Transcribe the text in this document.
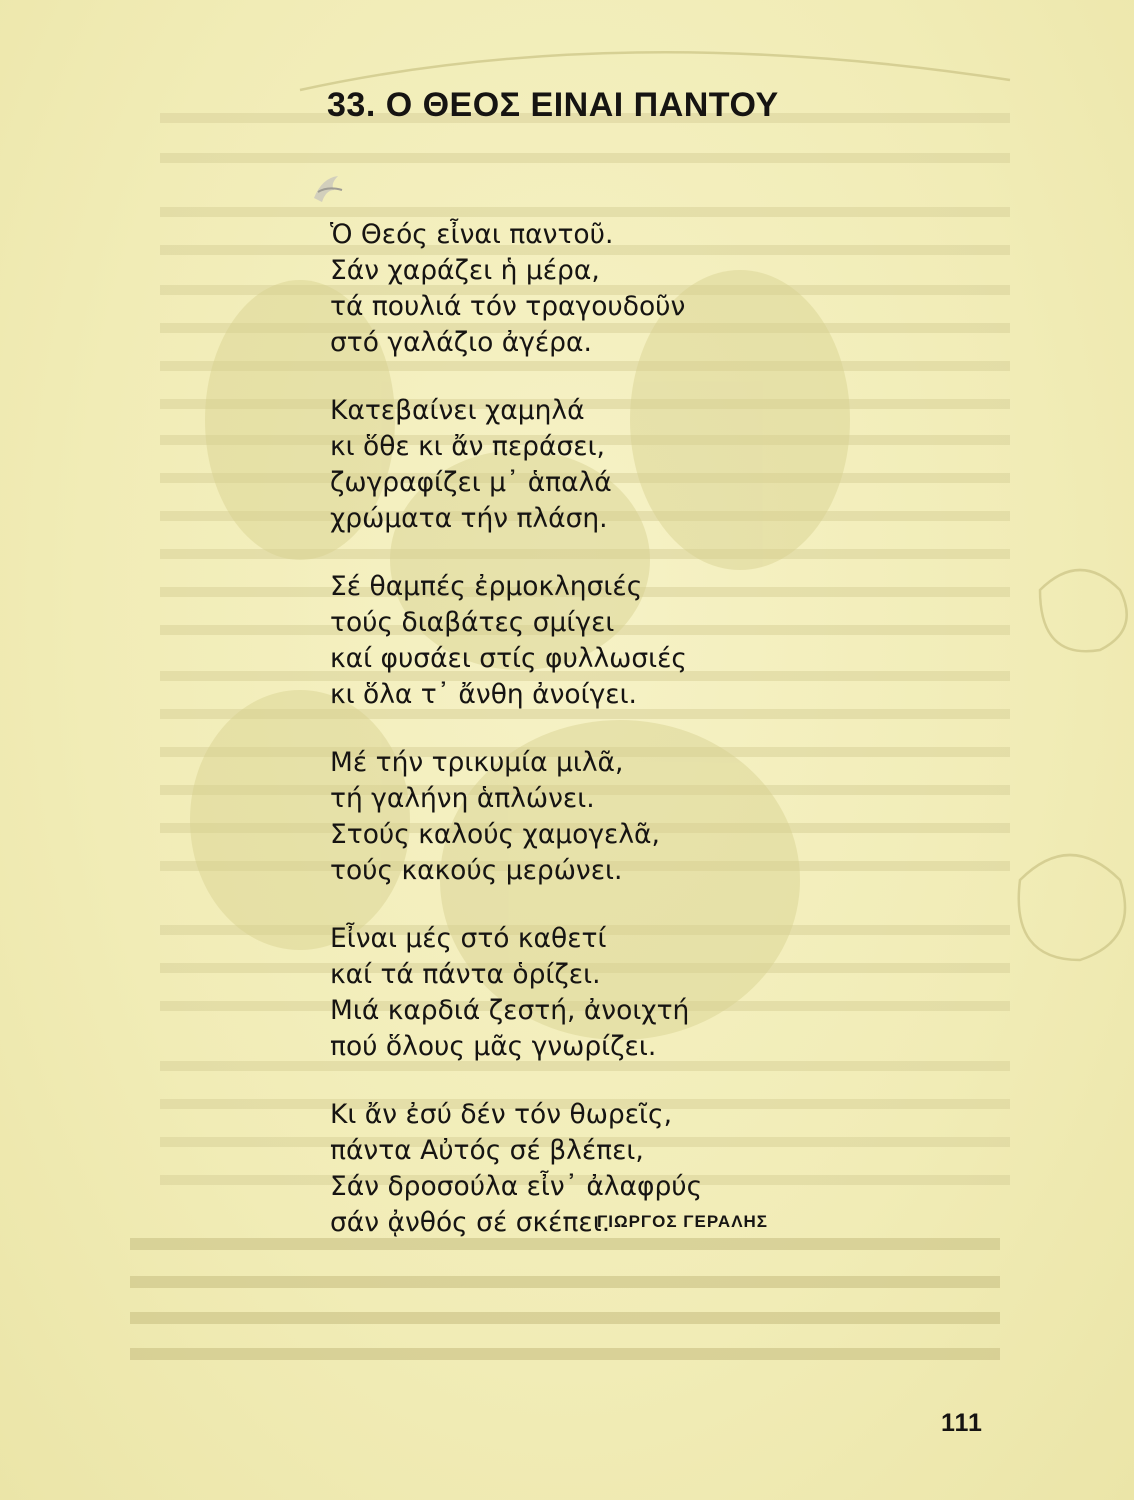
33. Ο ΘΕΟΣ ΕΙΝΑΙ ΠΑΝΤΟΥ
Ὁ Θεός εἶναι παντοῦ.
Σάν χαράζει ἡ μέρα,
τά πουλιά τόν τραγουδοῦν
στό γαλάζιο ἀγέρα.
Κατεβαίνει χαμηλά
κι ὅθε κι ἄν περάσει,
ζωγραφίζει μ᾿ ἁπαλά
χρώματα τήν πλάση.
Σέ θαμπές ἐρμοκλησιές
τούς διαβάτες σμίγει
καί φυσάει στίς φυλλωσιές
κι ὅλα τ᾿ ἄνθη ἀνοίγει.
Μέ τήν τρικυμία μιλᾶ,
τή γαλήνη ἁπλώνει.
Στούς καλούς χαμογελᾶ,
τούς κακούς μερώνει.
Εἶναι μές στό καθετί
καί τά πάντα ὁρίζει.
Μιά καρδιά ζεστή, ἀνοιχτή
πού ὅλους μᾶς γνωρίζει.
Κι ἄν ἐσύ δέν τόν θωρεῖς,
πάντα Αὐτός σέ βλέπει,
Σάν δροσούλα εἶν᾿ ἀλαφρύς
σάν ᾀνθός σέ σκέπει.
ΓΙΩΡΓΟΣ ΓΕΡΑΛΗΣ
111
